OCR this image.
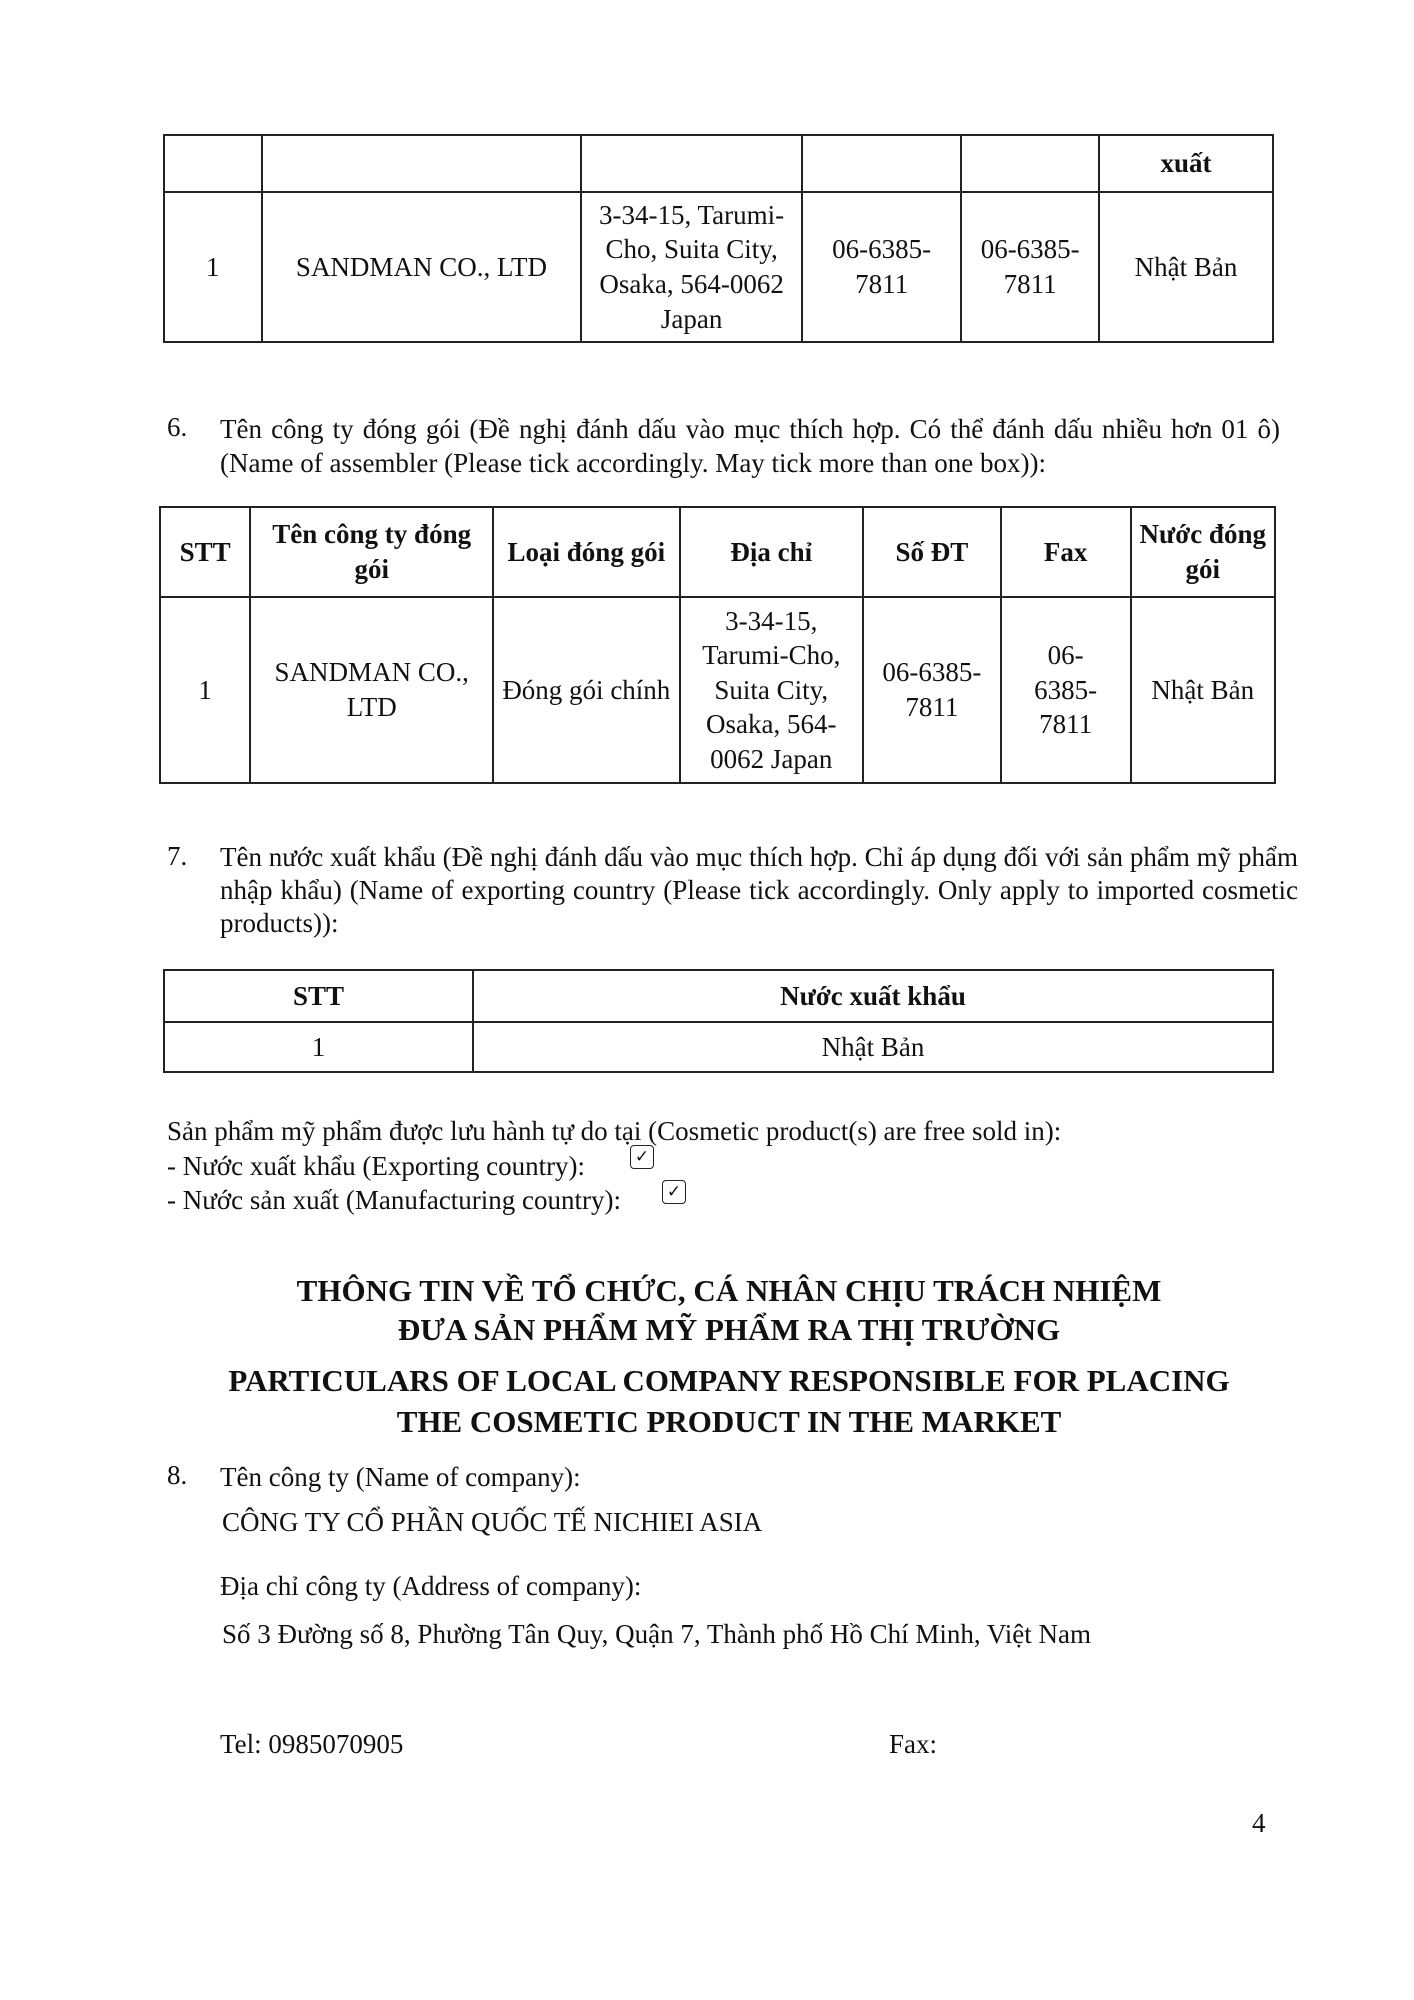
					xuất
1	SANDMAN CO., LTD	3-34-15, Tarumi-Cho, Suita City, Osaka, 564-0062 Japan	06-6385-7811	06-6385-7811	Nhật Bản
6. Tên công ty đóng gói (Đề nghị đánh dấu vào mục thích hợp. Có thể đánh dấu nhiều hơn 01 ô) (Name of assembler (Please tick accordingly. May tick more than one box)):
STT	Tên công ty đóng gói	Loại đóng gói	Địa chỉ	Số ĐT	Fax	Nước đóng gói
1	SANDMAN CO., LTD	Đóng gói chính	3-34-15, Tarumi-Cho, Suita City, Osaka, 564-0062 Japan	06-6385-7811	06-6385-7811	Nhật Bản
7. Tên nước xuất khẩu (Đề nghị đánh dấu vào mục thích hợp. Chỉ áp dụng đối với sản phẩm mỹ phẩm nhập khẩu) (Name of exporting country (Please tick accordingly. Only apply to imported cosmetic products)):
STT	Nước xuất khẩu
1	Nhật Bản
Sản phẩm mỹ phẩm được lưu hành tự do tại (Cosmetic product(s) are free sold in):
- Nước xuất khẩu (Exporting country):	✓
- Nước sản xuất (Manufacturing country):	✓
THÔNG TIN VỀ TỔ CHỨC, CÁ NHÂN CHỊU TRÁCH NHIỆM
ĐƯA SẢN PHẨM MỸ PHẨM RA THỊ TRƯỜNG
PARTICULARS OF LOCAL COMPANY RESPONSIBLE FOR PLACING
THE COSMETIC PRODUCT IN THE MARKET
8. Tên công ty (Name of company):
CÔNG TY CỔ PHẦN QUỐC TẾ NICHIEI ASIA
Địa chỉ công ty (Address of company):
Số 3 Đường số 8, Phường Tân Quy, Quận 7, Thành phố Hồ Chí Minh, Việt Nam
Tel: 0985070905	Fax:
4
